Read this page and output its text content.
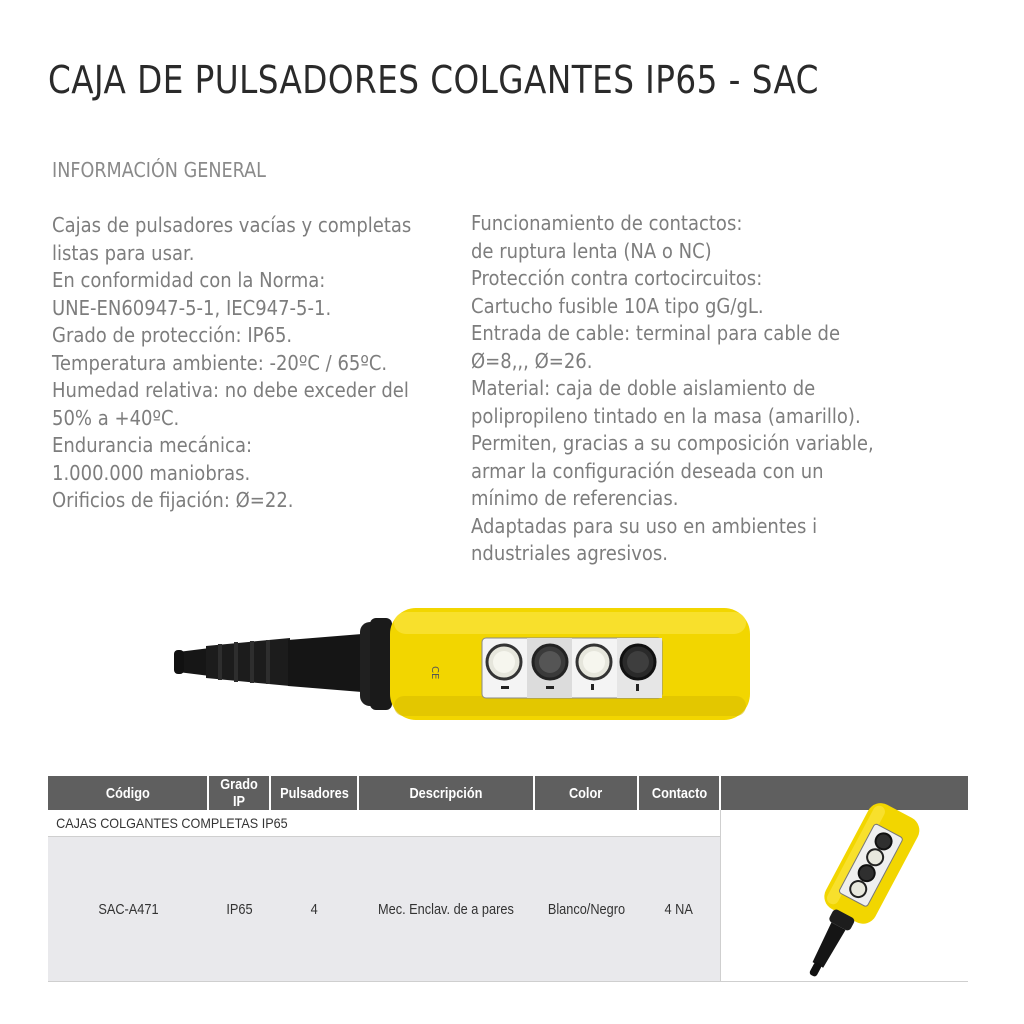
CAJA DE PULSADORES COLGANTES IP65 - SAC
INFORMACIÓN GENERAL
Cajas de pulsadores vacías y completas
listas para usar.
En conformidad con la Norma:
UNE-EN60947-5-1, IEC947-5-1.
Grado de protección: IP65.
Temperatura ambiente: -20ºC / 65ºC.
Humedad relativa: no debe exceder del
50% a +40ºC.
Endurancia mecánica:
1.000.000 maniobras.
Orificios de fijación: Ø=22.
Funcionamiento de contactos:
de ruptura lenta (NA o NC)
Protección contra cortocircuitos:
Cartucho fusible 10A tipo gG/gL.
Entrada de cable: terminal para cable de
Ø=8,,, Ø=26.
Material: caja de doble aislamiento de
polipropileno tintado en la masa (amarillo).
Permiten, gracias a su composición variable,
armar la configuración deseada con un
mínimo de referencias.
Adaptadas para su uso en ambientes i
ndustriales agresivos.
CE
Código	Grado IP	Pulsadores	Descripción	Color	Contacto	
CAJAS COLGANTES COMPLETAS IP65						
SAC-A471	IP65	4	Mec. Enclav. de a pares	Blanco/Negro	4 NA	
